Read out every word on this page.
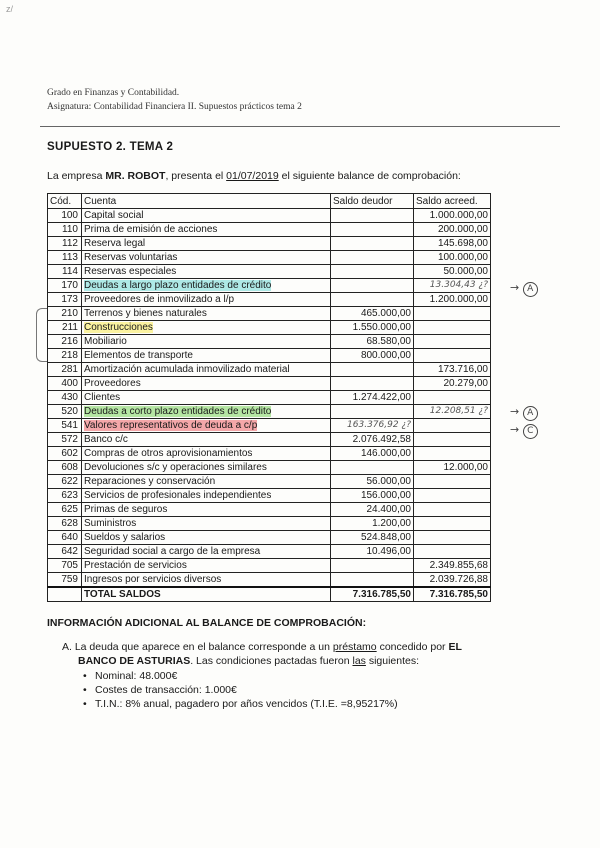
z/
Grado en Finanzas y Contabilidad.
Asignatura: Contabilidad Financiera II. Supuestos prácticos tema 2
SUPUESTO 2. TEMA 2
La empresa MR. ROBOT, presenta el 01/07/2019 el siguiente balance de comprobación:
Cód.	Cuenta	Saldo deudor	Saldo acreed.
100	Capital social		1.000.000,00
110	Prima de emisión de acciones		200.000,00
112	Reserva legal		145.698,00
113	Reservas voluntarias		100.000,00
114	Reservas especiales		50.000,00
170	Deudas a largo plazo entidades de crédito		13.304,43 ¿?
173	Proveedores de inmovilizado a l/p		1.200.000,00
210	Terrenos y bienes naturales	465.000,00	
211	Construcciones	1.550.000,00	
216	Mobiliario	68.580,00	
218	Elementos de transporte	800.000,00	
281	Amortización acumulada inmovilizado material		173.716,00
400	Proveedores		20.279,00
430	Clientes	1.274.422,00	
520	Deudas a corto plazo entidades de crédito		12.208,51 ¿?
541	Valores representativos de deuda a c/p	163.376,92 ¿?	
572	Banco c/c	2.076.492,58	
602	Compras de otros aprovisionamientos	146.000,00	
608	Devoluciones s/c y operaciones similares		12.000,00
622	Reparaciones y conservación	56.000,00	
623	Servicios de profesionales independientes	156.000,00	
625	Primas de seguros	24.400,00	
628	Suministros	1.200,00	
640	Sueldos y salarios	524.848,00	
642	Seguridad social a cargo de la empresa	10.496,00	
705	Prestación de servicios		2.349.855,68
759	Ingresos por servicios diversos		2.039.726,88
	TOTAL SALDOS	7.316.785,50	7.316.785,50
→ A
→ A
→ C
INFORMACIÓN ADICIONAL AL BALANCE DE COMPROBACIÓN:
A. La deuda que aparece en el balance corresponde a un préstamo concedido por EL
BANCO DE ASTURIAS. Las condiciones pactadas fueron las siguientes:
• Nominal: 48.000€
• Costes de transacción: 1.000€
• T.I.N.: 8% anual, pagadero por años vencidos (T.I.E. =8,95217%)
